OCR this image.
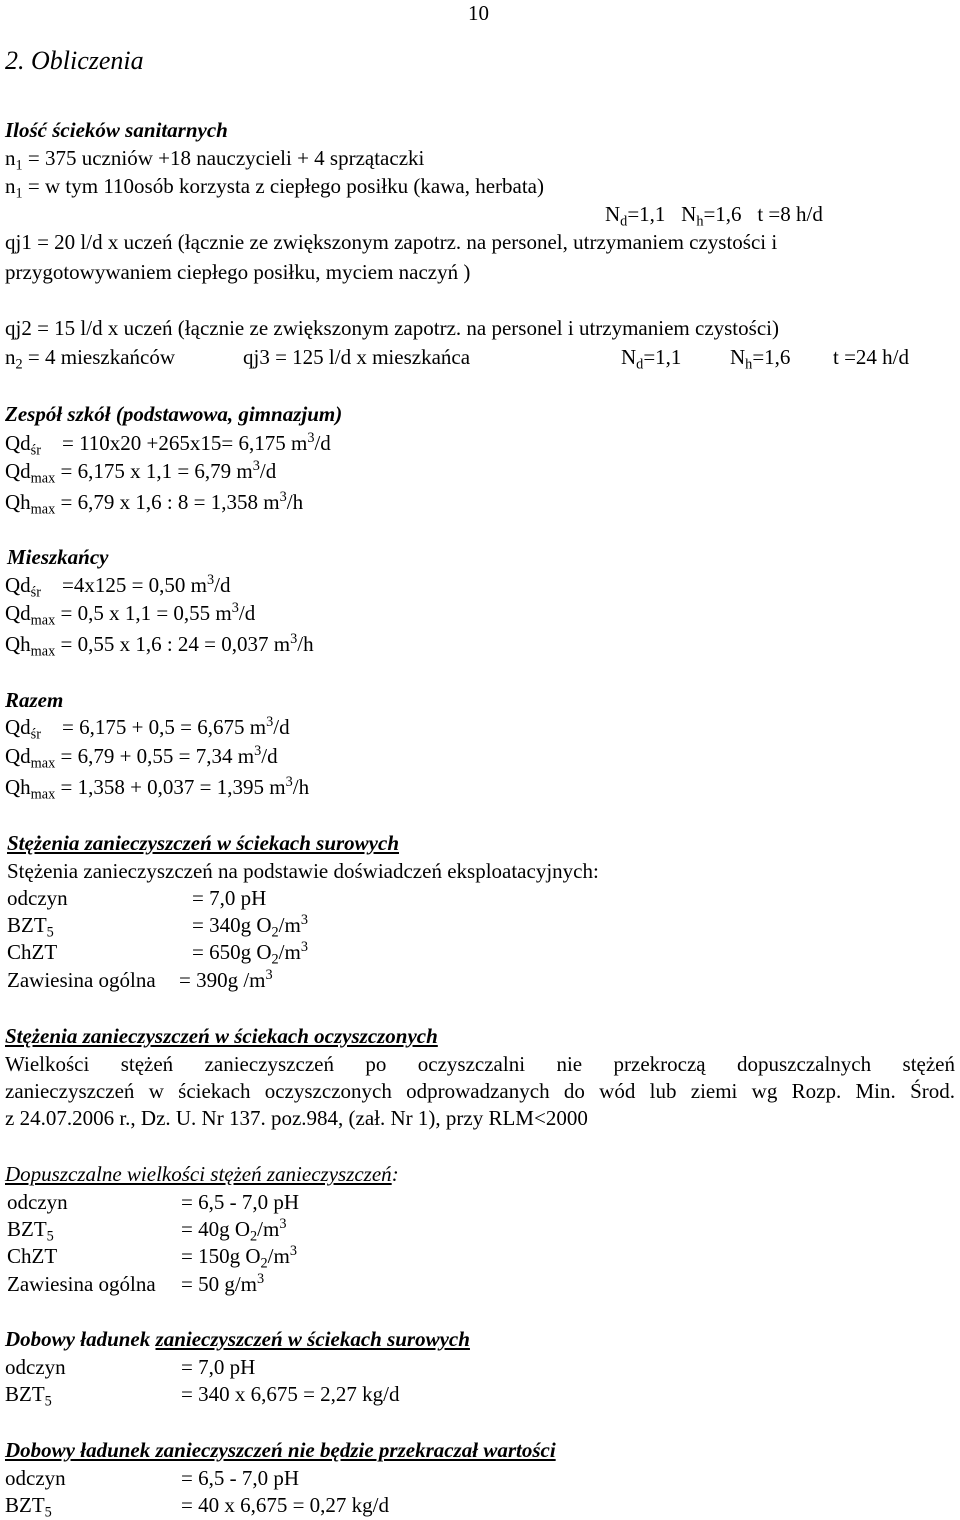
10
2. Obliczenia
Ilość ścieków sanitarnych
$n_1 = 375$ uczniów +18 nauczycieli + 4 sprzątaczki
$n_1 = w$ tym 110osób korzysta z ciepłego posiłku (kawa, herbata)
$N_d=1,1$ $N_h=1,6$ t =8 h/d
qj1 = 20 l/d x uczeń (łącznie ze zwiększonym zapotrz. na personel, utrzymaniem czystości i
przygotowywaniem ciepłego posiłku, myciem naczyń )
qj2 = 15 l/d x uczeń (łącznie ze zwiększonym zapotrz. na personel i utrzymaniem czystości)
$n_2 = 4$ mieszkańców	qj3 = 125 l/d x mieszkańca	$N_d=1,1$ $N_h=1,6$ t =24 h/d
Zespół szkół (podstawowa, gimnazjum)
$Qd_{śr} = 110x20 +265x15= 6,175$ $m^3/d$
$Qd_{max} = 6,175$ x 1,1 = 6,79 $m^3/d$
$Qh_{max} = 6,79$ x 1,6 : 8 = 1,358 $m^3/h$
Mieszkańcy
$Qd_{śr} =4x125 = 0,50$ $m^3/d$
$Qd_{max} = 0,5$ x 1,1 = 0,55 $m^3/d$
$Qh_{max} = 0,55$ x 1,6 : 24 = 0,037 $m^3/h$
Razem
$Qd_{śr} = 6,175 + 0,5 = 6,675$ $m^3/d$
$Qd_{max} = 6,79 + 0,55 = 7,34$ $m^3/d$
$Qh_{max} = 1,358 + 0,037 = 1,395$ $m^3/h$
Stężenia zanieczyszczeń w ściekach surowych
Stężenia zanieczyszczeń na podstawie doświadczeń eksploatacyjnych:
odczyn	= 7,0 pH
$BZT_5$	= 340g $O_2/m^3$
ChZT	= 650g $O_2/m^3$
Zawiesina ogólna = 390g $/m^3$
Stężenia zanieczyszczeń w ściekach oczyszczonych
Wielkości stężeń zanieczyszczeń po oczyszczalni nie przekroczą dopuszczalnych stężeń
zanieczyszczeń w ściekach oczyszczonych odprowadzanych do wód lub ziemi wg Rozp. Min. Środ.
z 24.07.2006 r., Dz. U. Nr 137. poz.984, (zał. Nr 1), przy RLM<2000
Dopuszczalne wielkości stężeń zanieczyszczeń:
odczyn	= 6,5 - 7,0 pH
$BZT_5$	= 40g $O_2/m^3$
ChZT	= 150g $O_2/m^3$
Zawiesina ogólna = 50 $g/m^3$
Dobowy ładunek zanieczyszczeń w ściekach surowych
odczyn	= 7,0 pH
$BZT_5$	= 340 x 6,675 = 2,27 kg/d
Dobowy ładunek zanieczyszczeń nie będzie przekraczał wartości
odczyn	= 6,5 - 7,0 pH
$BZT_5$	= 40 x 6,675 = 0,27 kg/d
